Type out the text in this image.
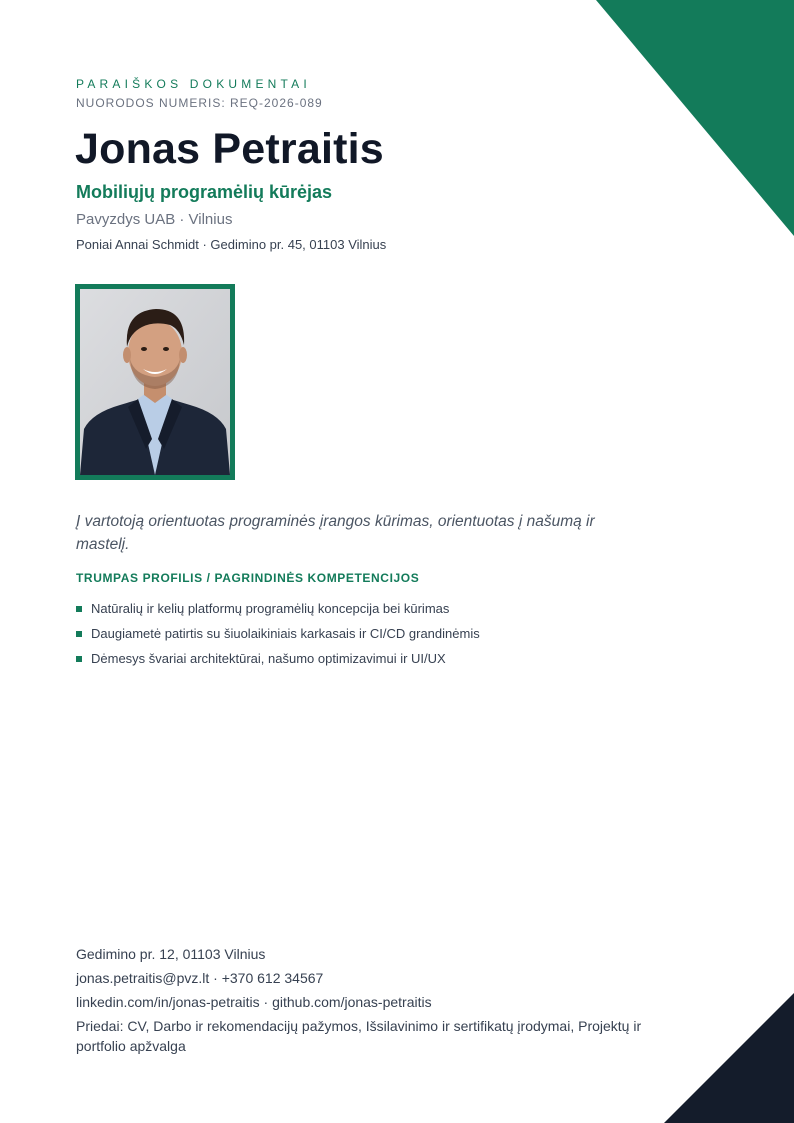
PARAIŠKOS DOKUMENTAI
NUORODOS NUMERIS: REQ-2026-089
Jonas Petraitis
Mobiliųjų programėlių kūrėjas
Pavyzdys UAB · Vilnius
Poniai Annai Schmidt · Gedimino pr. 45, 01103 Vilnius
Į vartotoją orientuotas programinės įrangos kūrimas, orientuotas į našumą ir mastelį.
TRUMPAS PROFILIS / PAGRINDINĖS KOMPETENCIJOS
Natūralių ir kelių platformų programėlių koncepcija bei kūrimas
Daugiametė patirtis su šiuolaikiniais karkasais ir CI/CD grandinėmis
Dėmesys švariai architektūrai, našumo optimizavimui ir UI/UX
Gedimino pr. 12, 01103 Vilnius
jonas.petraitis@pvz.lt · +370 612 34567
linkedin.com/in/jonas-petraitis · github.com/jonas-petraitis
Priedai: CV, Darbo ir rekomendacijų pažymos, Išsilavinimo ir sertifikatų įrodymai, Projektų ir portfolio apžvalga
